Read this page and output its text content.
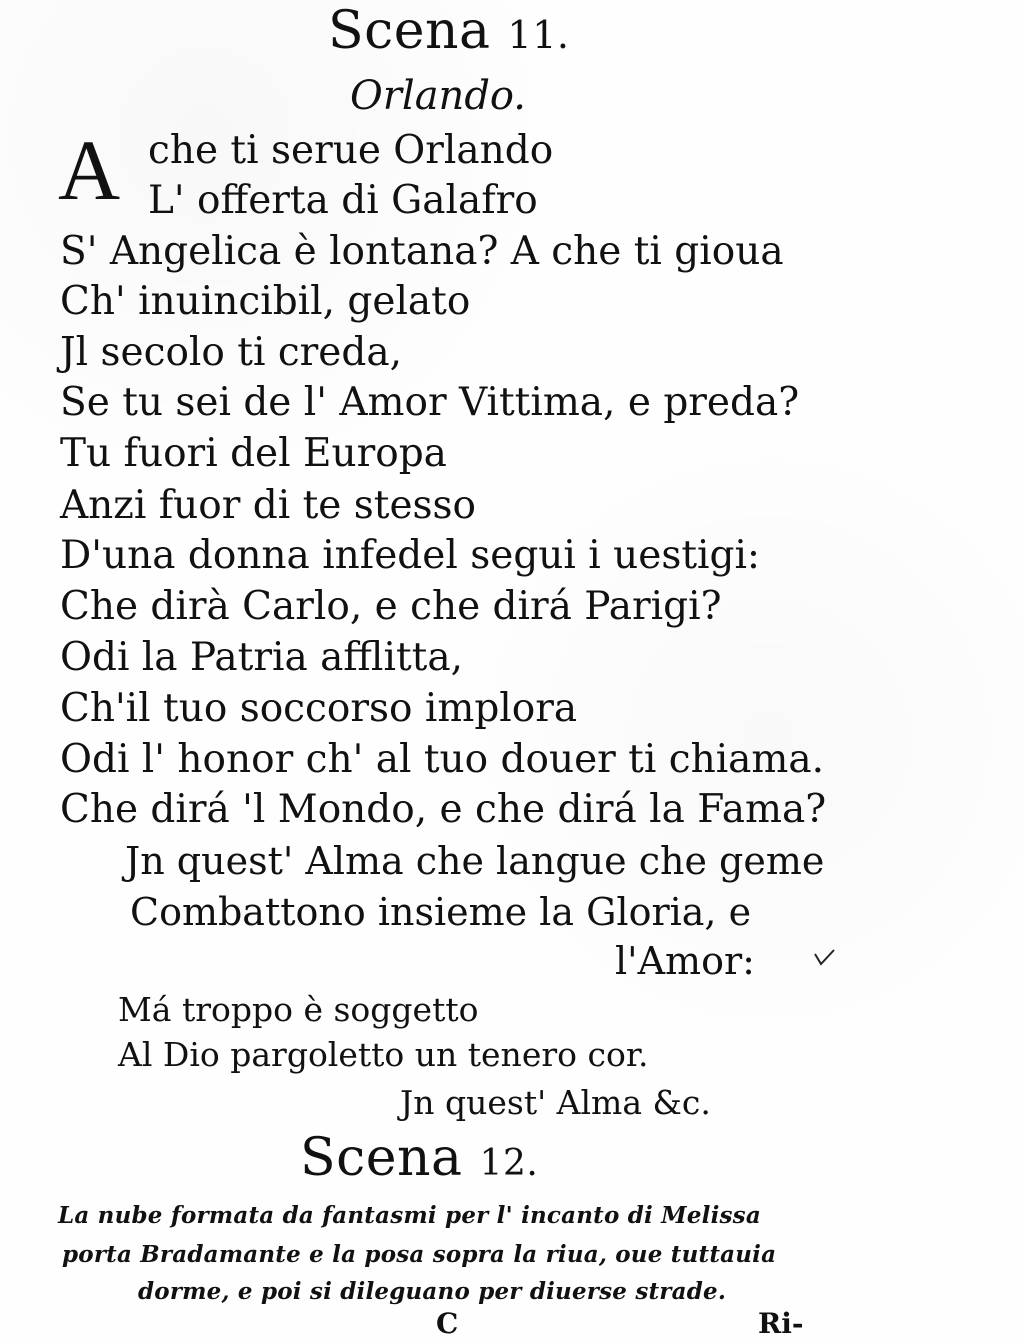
Scena 11.
Orlando.
A che ti serue Orlando
L' offerta di Galafro
S' Angelica è lontana? A che ti gioua
Ch' inuincibil, gelato
Jl secolo ti creda,
Se tu sei de l' Amor Vittima, e preda?
Tu fuori del Europa
Anzi fuor di te stesso
D'una donna infedel segui i uestigi:
Che dirà Carlo, e che dirá Parigi?
Odi la Patria afflitta,
Ch'il tuo soccorso implora
Odi l' honor ch' al tuo douer ti chiama.
Che dirá 'l Mondo, e che dirá la Fama?
Jn quest' Alma che langue che geme
Combattono insieme la Gloria, e
l'Amor:
Má troppo è soggetto
Al Dio pargoletto un tenero cor.
Jn quest' Alma &c.
Scena 12.
La nube formata da fantasmi per l' incanto di Melissa
porta Bradamante e la posa sopra la riua, oue tuttauia
dorme, e poi si dileguano per diuerse strade.
C	Ri-
